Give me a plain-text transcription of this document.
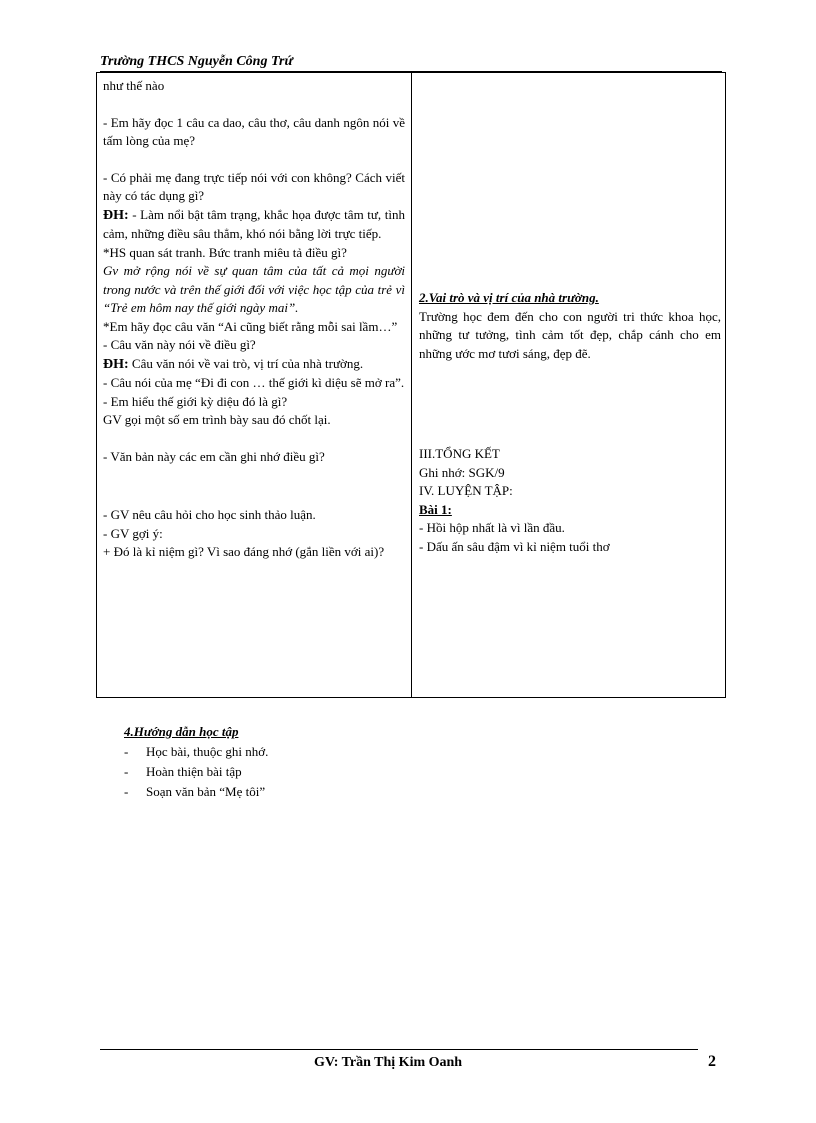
Trường THCS Nguyễn Công Trứ

như thế nào

- Em hãy đọc 1 câu ca dao, câu thơ, câu danh ngôn nói về tấm lòng của mẹ?

- Có phải mẹ đang trực tiếp nói với con không? Cách viết này có tác dụng gì?

ĐH: - Làm nổi bật tâm trạng, khắc họa được tâm tư, tình cảm, những điều sâu thẳm, khó nói bằng lời trực tiếp.

*HS quan sát tranh. Bức tranh miêu tả điều gì?

Gv mở rộng nói về sự quan tâm của tất cả mọi người trong nước và trên thế giới đối với việc học tập của trẻ vì “Trẻ em hôm nay thế giới ngày mai”.

*Em hãy đọc câu văn “Ai cũng biết rằng mỗi sai lầm…”

- Câu văn này nói về điều gì?

ĐH: Câu văn nói về vai trò, vị trí của nhà trường.

- Câu nói của mẹ “Đi đi con … thế giới kì diệu sẽ mở ra”.

- Em hiểu thế giới kỳ diệu đó là gì?

GV gọi một số em trình bày sau đó chốt lại.

- Văn bản này các em cần ghi nhớ điều gì?

- GV nêu câu hỏi cho học sinh thảo luận.

- GV gợi ý:

+ Đó là kỉ niệm gì? Vì sao đáng nhớ (gắn liền với ai)?

2.Vai trò và vị trí của nhà trường.

Trường học đem đến cho con người tri thức khoa học, những tư tưởng, tình cảm tốt đẹp, chắp cánh cho em những ước mơ tươi sáng, đẹp đẽ.

III.TỔNG KẾT

Ghi nhớ: SGK/9

IV. LUYỆN TẬP:

Bài 1:

- Hồi hộp nhất là vì lần đầu.

- Dấu ấn sâu đậm vì kỉ niệm tuổi thơ

4.Hướng dẫn học tập
-	Học bài, thuộc ghi nhớ.
-	Hoàn thiện bài tập
-	Soạn văn bản “Mẹ tôi”
GV: Trần Thị Kim Oanh	2
